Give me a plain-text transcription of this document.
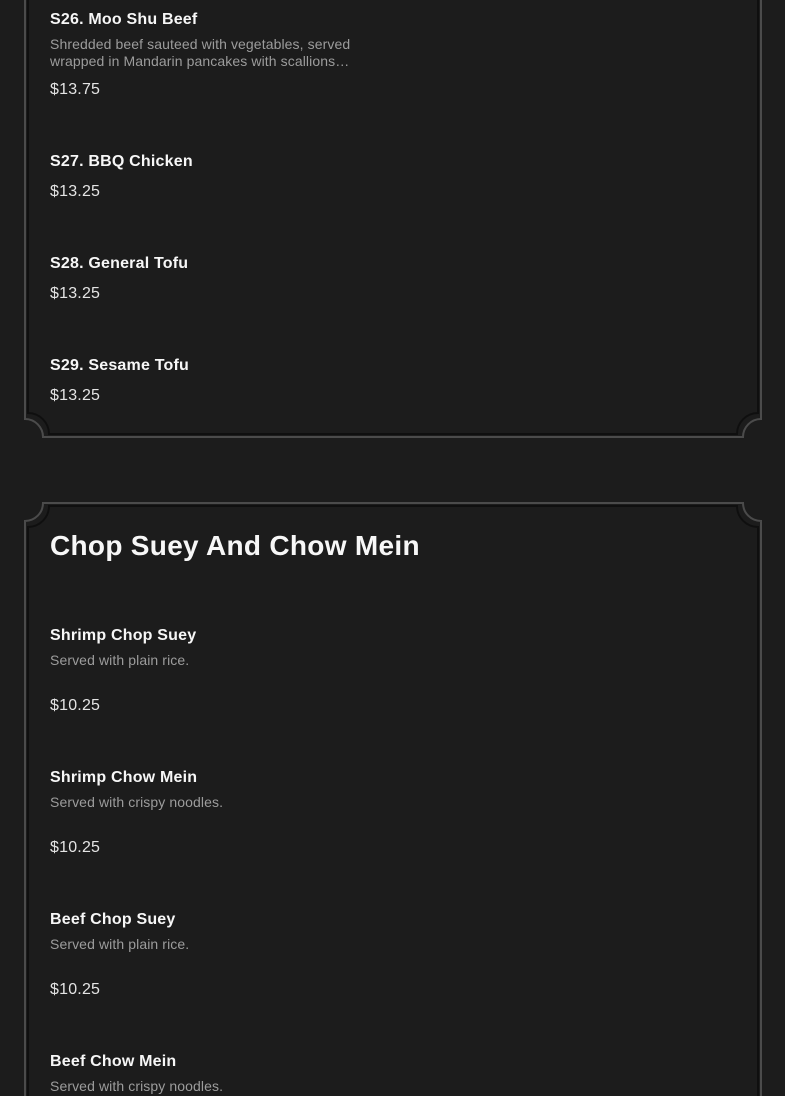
S26. Moo Shu Beef

Shredded beef sauteed with vegetables, served wrapped in Mandarin pancakes with scallions…

$13.75
S27. BBQ Chicken
$13.25
S28. General Tofu
$13.25
S29. Sesame Tofu
$13.25
Chop Suey And Chow Mein
Shrimp Chop Suey

Served with plain rice.

$10.25
Shrimp Chow Mein

Served with crispy noodles.

$10.25
Beef Chop Suey

Served with plain rice.

$10.25
Beef Chow Mein

Served with crispy noodles.
